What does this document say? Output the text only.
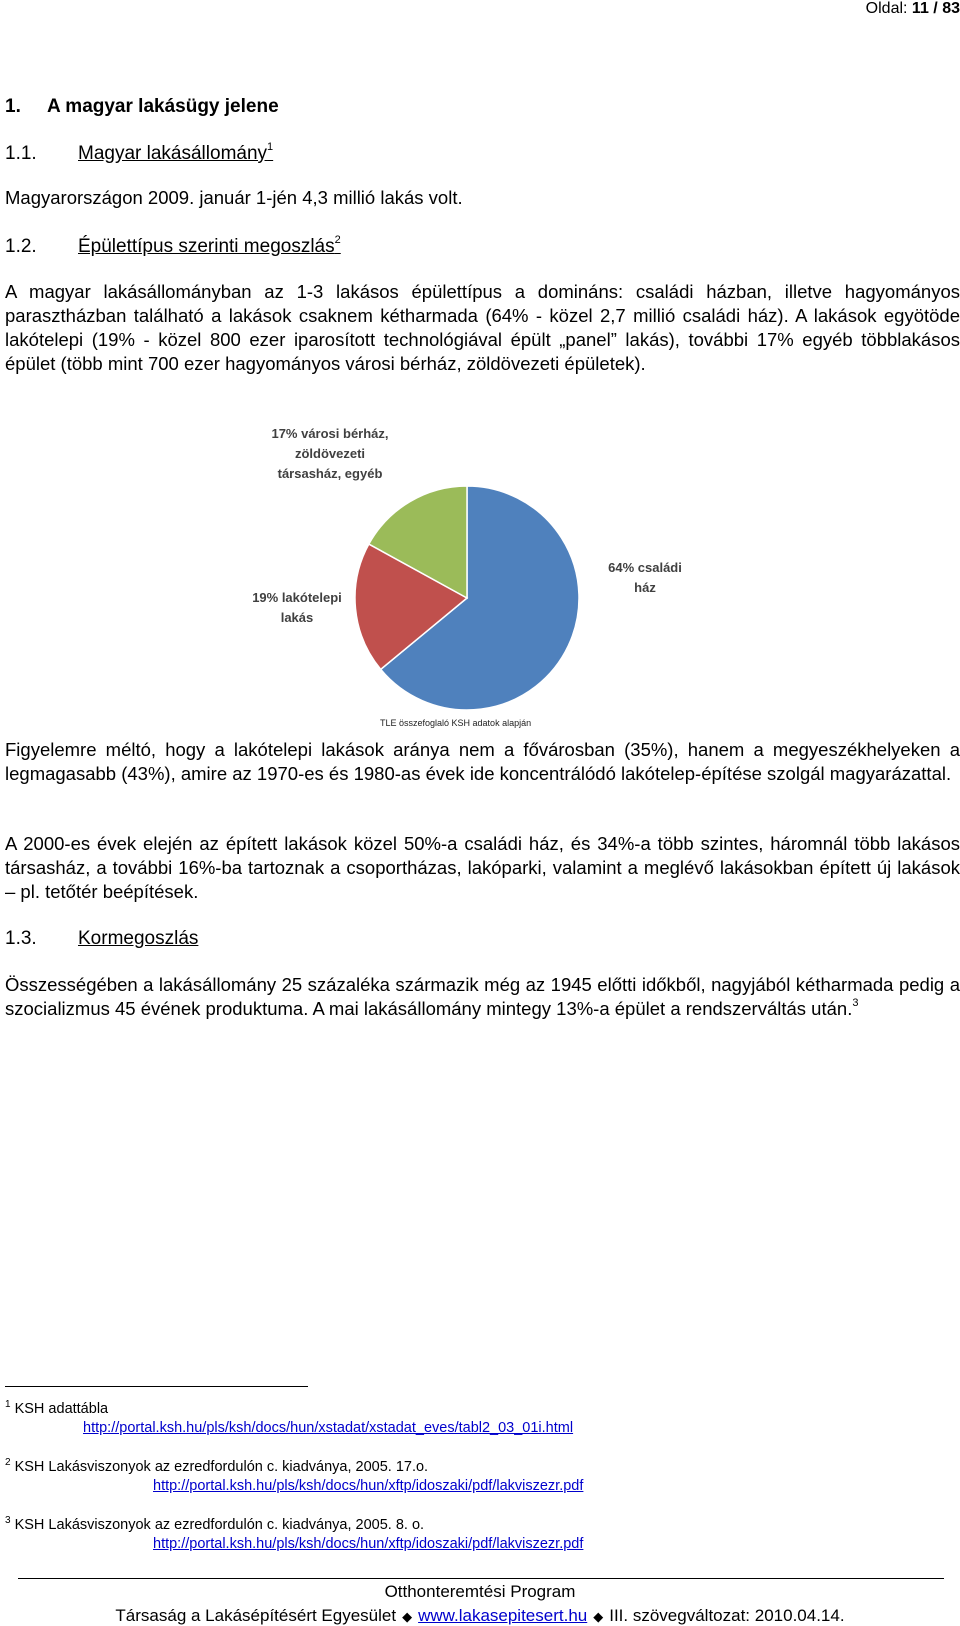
Oldal: 11 / 83
1. A magyar lakásügy jelene
1.1. Magyar lakásállomány$^1$
Magyarországon 2009. január 1-jén 4,3 millió lakás volt.
1.2. Épülettípus szerinti megoszlás$^2$
A magyar lakásállományban az 1-3 lakásos épülettípus a domináns: családi házban, illetve hagyományos parasztházban található a lakások csaknem kétharmada (64% - közel 2,7 millió családi ház). A lakások egyötöde lakótelepi (19% - közel 800 ezer iparosított technológiával épült „panel” lakás), további 17% egyéb többlakásos épület (több mint 700 ezer hagyományos városi bérház, zöldövezeti épületek).
64% családi ház
19% lakótelepi lakás
17% városi bérház, zöldövezeti társasház, egyéb
TLE összefoglaló KSH adatok alapján
Figyelemre méltó, hogy a lakótelepi lakások aránya nem a fővárosban (35%), hanem a megyeszékhelyeken a legmagasabb (43%), amire az 1970-es és 1980-as évek ide koncentrálódó lakótelep-építése szolgál magyarázattal.
A 2000-es évek elején az épített lakások közel 50%-a családi ház, és 34%-a több szintes, háromnál több lakásos társasház, a további 16%-ba tartoznak a csoportházas, lakóparki, valamint a meglévő lakásokban épített új lakások – pl. tetőtér beépítések.
1.3. Kormegoszlás
Összességében a lakásállomány 25 százaléka származik még az 1945 előtti időkből, nagyjából kétharmada pedig a szocializmus 45 évének produktuma. A mai lakásállomány mintegy 13%-a épület a rendszerváltás után.$^3$
$^1$ KSH adattábla
http://portal.ksh.hu/pls/ksh/docs/hun/xstadat/xstadat_eves/tabl2_03_01i.html
$^2$ KSH Lakásviszonyok az ezredfordulón c. kiadványa, 2005. 17.o.
http://portal.ksh.hu/pls/ksh/docs/hun/xftp/idoszaki/pdf/lakviszezr.pdf
$^3$ KSH Lakásviszonyok az ezredfordulón c. kiadványa, 2005. 8. o.
http://portal.ksh.hu/pls/ksh/docs/hun/xftp/idoszaki/pdf/lakviszezr.pdf
Otthonteremtési Program
Társaság a Lakásépítésért Egyesület ◆ www.lakasepitesert.hu ◆ III. szövegváltozat: 2010.04.14.
